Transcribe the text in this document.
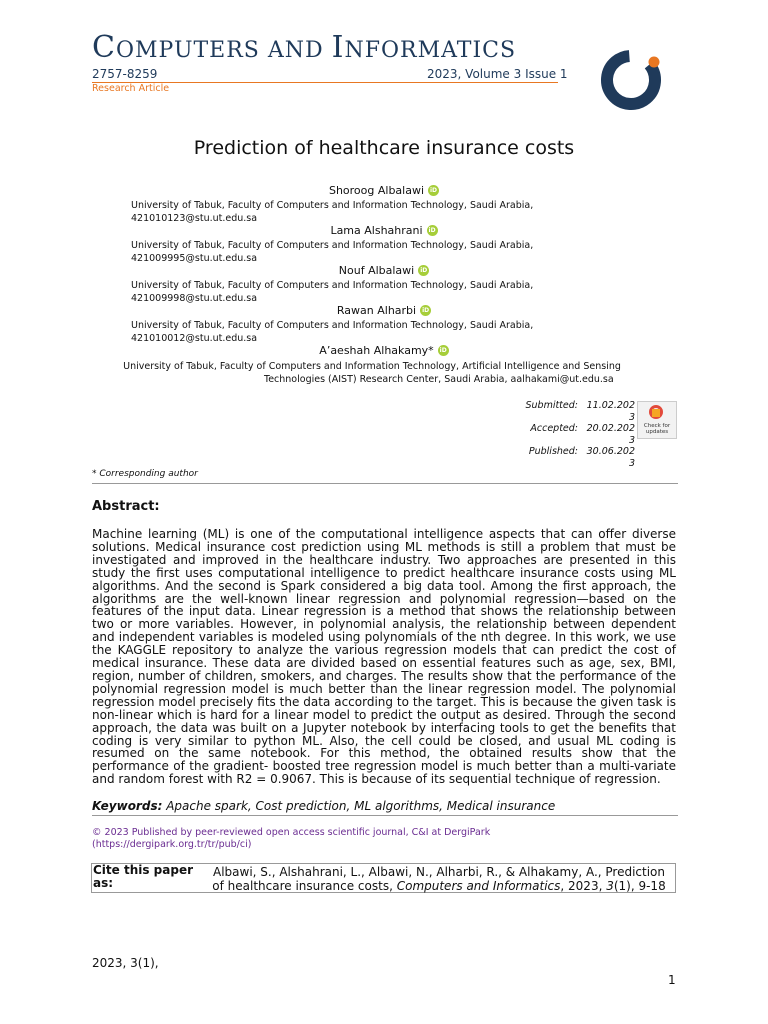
COMPUTERS AND INFORMATICS
2757-8259	2023, Volume 3 Issue 1
Research Article
Prediction of healthcare insurance costs
Shoroog Albalawi iD
University of Tabuk, Faculty of Computers and Information Technology, Saudi Arabia,
421010123@stu.ut.edu.sa
Lama Alshahrani iD
University of Tabuk, Faculty of Computers and Information Technology, Saudi Arabia,
421009995@stu.ut.edu.sa
Nouf Albalawi iD
University of Tabuk, Faculty of Computers and Information Technology, Saudi Arabia,
421009998@stu.ut.edu.sa
Rawan Alharbi iD
University of Tabuk, Faculty of Computers and Information Technology, Saudi Arabia,
421010012@stu.ut.edu.sa
A’aeshah Alhakamy* iD
University of Tabuk, Faculty of Computers and Information Technology, Artificial Intelligence and Sensing
Technologies (AIST) Research Center, Saudi Arabia, aalhakami@ut.edu.sa
Submitted:	11.02.2023
Accepted:	20.02.2023
Published:	30.06.2023
Check for
updates
* Corresponding author
Abstract:
Machine learning (ML) is one of the computational intelligence aspects that can offer diverse solutions. Medical insurance cost prediction using ML methods is still a problem that must be investigated and improved in the healthcare industry. Two approaches are presented in this study the first uses computational intelligence to predict healthcare insurance costs using ML algorithms. And the second is Spark considered a big data tool. Among the first approach, the algorithms are the well-known linear regression and polynomial regression—based on the features of the input data. Linear regression is a method that shows the relationship between two or more variables. However, in polynomial analysis, the relationship between dependent and independent variables is modeled using polynomials of the nth degree. In this work, we use the KAGGLE repository to analyze the various regression models that can predict the cost of medical insurance. These data are divided based on essential features such as age, sex, BMI, region, number of children, smokers, and charges. The results show that the performance of the polynomial regression model is much better than the linear regression model. The polynomial regression model precisely fits the data according to the target. This is because the given task is non-linear which is hard for a linear model to predict the output as desired. Through the second approach, the data was built on a Jupyter notebook by interfacing tools to get the benefits that coding is very similar to python ML. Also, the cell could be closed, and usual ML coding is resumed on the same notebook. For this method, the obtained results show that the performance of the gradient- boosted tree regression model is much better than a multi-variate and random forest with R2 = 0.9067. This is because of its sequential technique of regression.
Keywords: Apache spark, Cost prediction, ML algorithms, Medical insurance
© 2023 Published by peer-reviewed open access scientific journal, C&I at DergiPark
(https://dergipark.org.tr/tr/pub/ci)
Cite this paper as:
Albawi, S., Alshahrani, L., Albawi, N., Alharbi, R., & Alhakamy, A., Prediction
of healthcare insurance costs, Computers and Informatics, 2023, 3(1), 9-18
2023, 3(1),
1
